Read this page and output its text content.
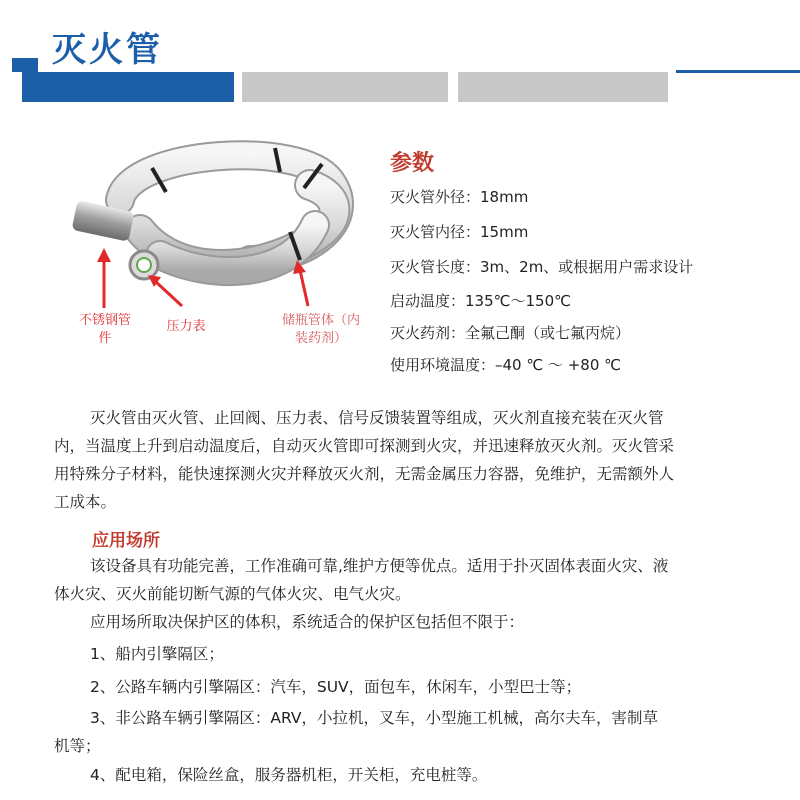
灭火管
不锈钢管件
压力表	储瓶管体（内装药剂）
参数
灭火管外径：18mm
灭火管内径：15mm
灭火管长度：3m、2m、或根据用户需求设计
启动温度：135℃～150℃
灭火药剂：全氟己酮（或七氟丙烷）
使用环境温度：–40 ℃ ～ +80 ℃
灭火管由灭火管、止回阀、压力表、信号反馈装置等组成，灭火剂直接充装在灭火管
内，当温度上升到启动温度后，自动灭火管即可探测到火灾，并迅速释放灭火剂。灭火管采
用特殊分子材料，能快速探测火灾并释放灭火剂，无需金属压力容器，免维护，无需额外人
工成本。
应用场所
该设备具有功能完善，工作准确可靠,维护方便等优点。适用于扑灭固体表面火灾、液
体火灾、灭火前能切断气源的气体火灾、电气火灾。
应用场所取决保护区的体积，系统适合的保护区包括但不限于：
1、船内引擎隔区；
2、公路车辆内引擎隔区：汽车，SUV，面包车，休闲车，小型巴士等；
3、非公路车辆引擎隔区：ARV，小拉机，叉车，小型施工机械，高尔夫车，害制草
机等；
4、配电箱，保险丝盒，服务器机柜，开关柜，充电桩等。
